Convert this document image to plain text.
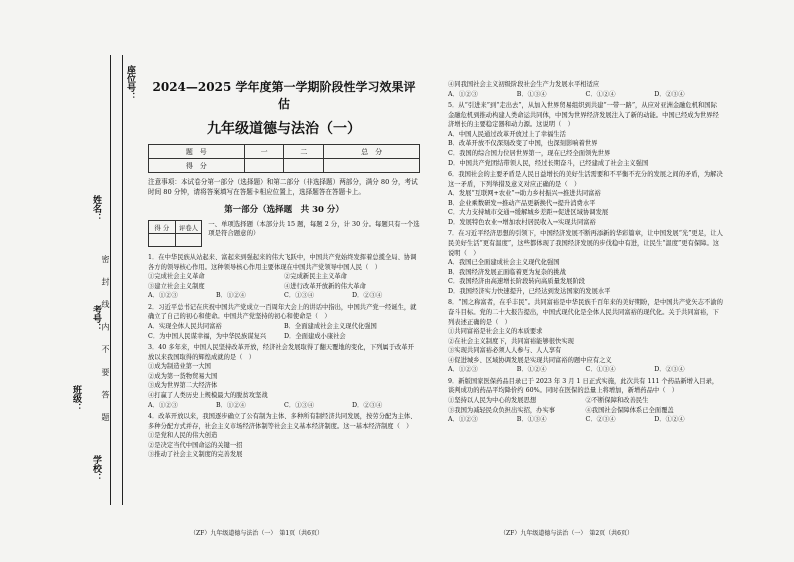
座位号：
姓名：
考号：
班级：
学校：
密 封 线 内 不 要 答 题
2024—2025 学年度第一学期阶段性学习效果评估
九年级道德与法治（一）
题　号	一	二	总　分
得　分			
注意事项：本试卷分第一部分（选择题）和第二部分（非选择题）两部分，满分 80 分，考试时间 80 分钟，请将答案填写在答题卡相应位置上，选择题答在答题卡上。
第一部分（选择题　共 30 分）
得 分	评卷人
	一、单项选择题（本部分共 15 题，每题 2 分，计 30 分。每题只有一个选项是符合题意的）
1．在中华民族从站起来、富起来到强起来的伟大飞跃中，中国共产党始终发挥着总揽全局、协调各方的领导核心作用。这种领导核心作用主要体现在中国共产党领导中国人民（　）
①完成社会主义革命	②完成新民主主义革命
③建立社会主义制度	④进行改革开放新的伟大革命
A．①②③	B．①②④	C．①③④	D．②③④
2．习近平总书记在庆祝中国共产党成立一百周年大会上的讲话中指出，中国共产党一经诞生，就确立了自己的初心和使命。中国共产党坚持的初心和使命是（　）
A．实现全体人民共同富裕	B．全面建成社会主义现代化强国
C．为中国人民谋幸福，为中华民族谋复兴	D．全面建成小康社会
3．40 多年来，中国人民坚持改革开放，经济社会发展取得了翻天覆地的变化，下列属于改革开放以来我国取得的辉煌成就的是（　）
①成为制造业第一大国
②成为第一货物贸易大国
③成为世界第二大经济体
④打赢了人类历史上规模最大的脱贫攻坚战
A．①②③	B．①②④	C．①③④	D．②③④
4．改革开放以来，我国逐步确立了公有制为主体、多种所有制经济共同发展，按劳分配为主体、多种分配方式并存，社会主义市场经济体制等社会主义基本经济制度。这一基本经济制度（　）
①是党和人民的伟大创造
②是决定当代中国命运的关键一招
③推动了社会主义制度的完善发展
④同我国社会主义初级阶段社会生产力发展水平相适应
A．①②③	B．①③④	C．①②④	D．②③④
5．从“引进来”到“走出去”，从加入世界贸易组织到共建“一带一路”，从应对亚洲金融危机和国际金融危机到推动构建人类命运共同体，中国为世界经济发展注入了新的动能。中国已经成为世界经济增长的主要稳定器和动力源。这说明（　）
A．中国人民通过改革开放过上了幸福生活
B．改革开放不仅深刻改变了中国，也深刻影响着世界
C．我国的综合国力位居世界第一，现在已经全面领先世界
D．中国共产党团结带领人民，经过长期奋斗，已经建成了社会主义强国
6．我国社会的主要矛盾是人民日益增长的美好生活需要和不平衡不充分的发展之间的矛盾，为解决这一矛盾，下列举措及意义对应正确的是（　）
A．发展“互联网+农业”→助力乡村振兴→推进共同富裕
B．企业乘数研发→推动产品更新换代→提升消费水平
C．大力支持城市交通→缓解城乡差距→促进区域协调发展
D．发展特色农业→增加农村居民收入→实现共同富裕
7．在习近平经济思想的引领下，中国经济发展不断再添新的华彩篇章，让中国发展“光”更足，让人民美好生活“更有温度”，这些都体现了我国经济发展的步伐稳中有进，让民生“温度”更有保障。这说明（　）
A．我国已全面建成社会主义现代化强国
B．我国经济发展正面临着更为复杂的挑战
C．我国经济由高速增长阶段转向高质量发展阶段
D．我国经济实力快速提升，已经达到发达国家的发展水平
8．“国之称富者，在乎丰民”。共同富裕是中华民族千百年来的美好期盼，是中国共产党矢志不渝的奋斗目标。党的二十大报告提出，中国式现代化是全体人民共同富裕的现代化。关于共同富裕，下列表述正确的是（　）
①共同富裕是社会主义的本质要求
②在社会主义制度下，共同富裕能够很快实现
③实现共同富裕必须人人参与、人人享有
④促进城乡、区域协调发展是实现共同富裕的题中应有之义
A．①②③	B．①②④	C．①③④	D．②③④
9．新版国家医保药品目录已于 2023 年 3 月 1 日正式实施，此次共有 111 个药品新增入目录，谈判成功的药品平均降价约 60%。同时在医保的总量上将增加，新增药品中（　）
①坚持以人民为中心的发展思想	②不断保障和改善民生
③我国为减轻民众负担出实招，办实事	④我国社会保障体系已全面覆盖
A．①②③	B．①③④	C．②③④	D．①②④
（ZF）九年级道德与法治（一）　第1页（共6页）	（ZF）九年级道德与法治（一）　第2页（共6页）
